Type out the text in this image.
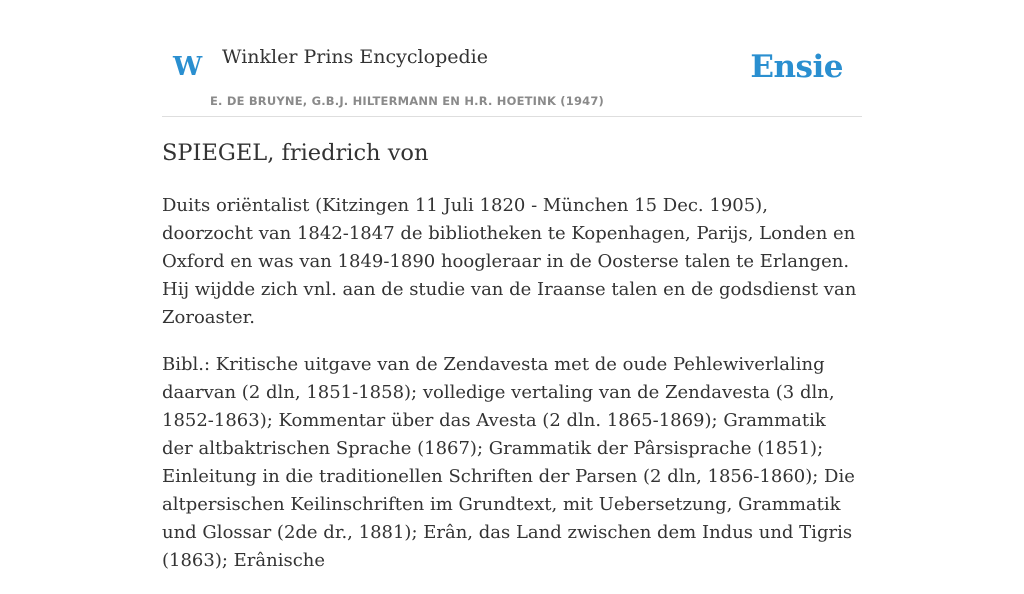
W Winkler Prins Encyclopedie
E. DE BRUYNE, G.B.J. HILTERMANN EN H.R. HOETINK (1947)
Ensie
SPIEGEL, friedrich von

Duits oriëntalist (Kitzingen 11 Juli 1820 - München 15 Dec. 1905), doorzocht van 1842-1847 de bibliotheken te Kopenhagen, Parijs, Londen en Oxford en was van 1849-1890 hoogleraar in de Oosterse talen te Erlangen. Hij wijdde zich vnl. aan de studie van de Iraanse talen en de godsdienst van Zoroaster.

Bibl.: Kritische uitgave van de Zendavesta met de oude Pehlewiverlaling daarvan (2 dln, 1851-1858); volledige vertaling van de Zendavesta (3 dln, 1852-1863); Kommentar über das Avesta (2 dln. 1865-1869); Grammatik der altbaktrischen Sprache (1867); Grammatik der Pârsisprache (1851); Einleitung in die traditionellen Schriften der Parsen (2 dln, 1856-1860); Die altpersischen Keilinschriften im Grundtext, mit Uebersetzung, Grammatik und Glossar (2de dr., 1881); Erân, das Land zwischen dem Indus und Tigris (1863); Erânische
